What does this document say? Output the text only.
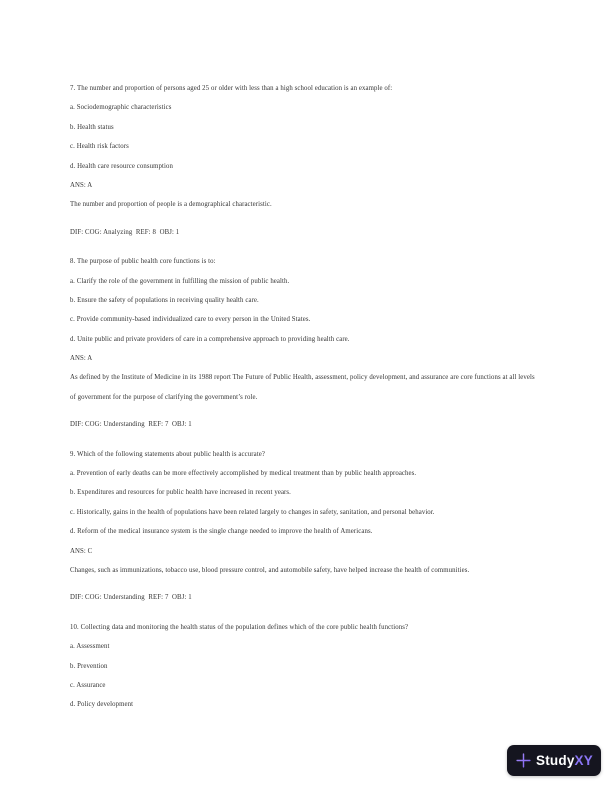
7. The number and proportion of persons aged 25 or older with less than a high school education is an example of:
a. Sociodemographic characteristics
b. Health status
c. Health risk factors
d. Health care resource consumption
ANS: A
The number and proportion of people is a demographical characteristic.
DIF: COG: Analyzing  REF: 8  OBJ: 1
8. The purpose of public health core functions is to:
a. Clarify the role of the government in fulfilling the mission of public health.
b. Ensure the safety of populations in receiving quality health care.
c. Provide community-based individualized care to every person in the United States.
d. Unite public and private providers of care in a comprehensive approach to providing health care.
ANS: A
As defined by the Institute of Medicine in its 1988 report The Future of Public Health, assessment, policy development, and assurance are core functions at all levels
of government for the purpose of clarifying the government’s role.
DIF: COG: Understanding  REF: 7  OBJ: 1
9. Which of the following statements about public health is accurate?
a. Prevention of early deaths can be more effectively accomplished by medical treatment than by public health approaches.
b. Expenditures and resources for public health have increased in recent years.
c. Historically, gains in the health of populations have been related largely to changes in safety, sanitation, and personal behavior.
d. Reform of the medical insurance system is the single change needed to improve the health of Americans.
ANS: C
Changes, such as immunizations, tobacco use, blood pressure control, and automobile safety, have helped increase the health of communities.
DIF: COG: Understanding  REF: 7  OBJ: 1
10. Collecting data and monitoring the health status of the population defines which of the core public health functions?
a. Assessment
b. Prevention
c. Assurance
d. Policy development
StudyXY
